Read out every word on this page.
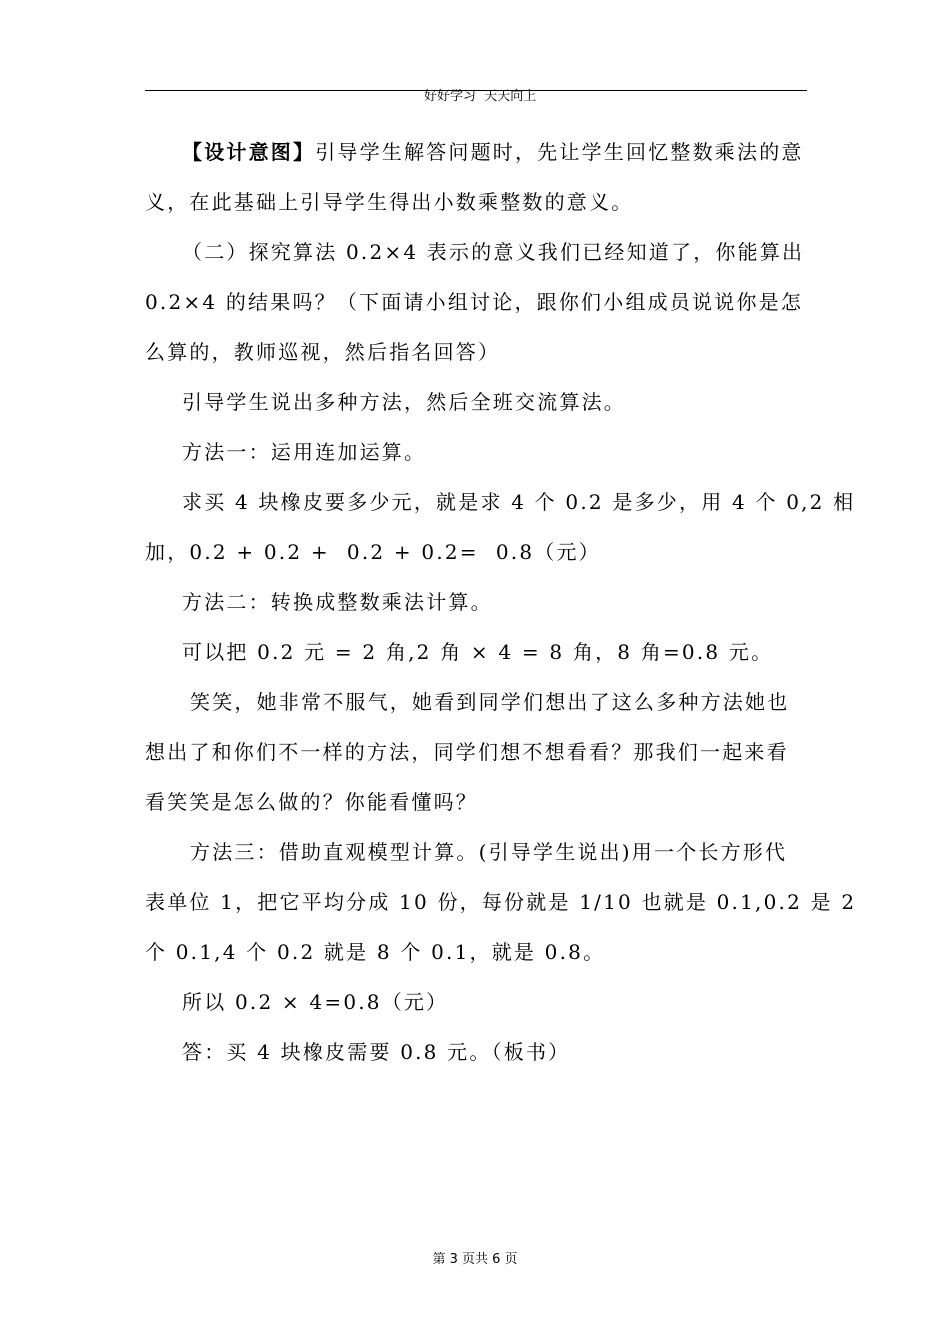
好好学习  天天向上

【设计意图】引导学生解答问题时，先让学生回忆整数乘法的意
义，在此基础上引导学生得出小数乘整数的意义。
（二）探究算法 0.2×4 表示的意义我们已经知道了，你能算出
0.2×4 的结果吗？（下面请小组讨论，跟你们小组成员说说你是怎
么算的，教师巡视，然后指名回答）
引导学生说出多种方法，然后全班交流算法。
方法一：运用连加运算。
求买 4 块橡皮要多少元，就是求 4 个 0.2 是多少，用 4 个 0,2 相
加，0.2 + 0.2 +  0.2 + 0.2=  0.8（元）
方法二：转换成整数乘法计算。
可以把 0.2 元 = 2 角,2 角 × 4 = 8 角，8 角=0.8 元。
笑笑，她非常不服气，她看到同学们想出了这么多种方法她也
想出了和你们不一样的方法，同学们想不想看看？那我们一起来看
看笑笑是怎么做的？你能看懂吗？
方法三：借助直观模型计算。(引导学生说出)用一个长方形代
表单位 1，把它平均分成 10 份，每份就是 1/10 也就是 0.1,0.2 是 2
个 0.1,4 个 0.2 就是 8 个 0.1，就是 0.8。
所以 0.2 × 4=0.8（元）
答：买 4 块橡皮需要 0.8 元。（板书）
第 3 页共 6 页
